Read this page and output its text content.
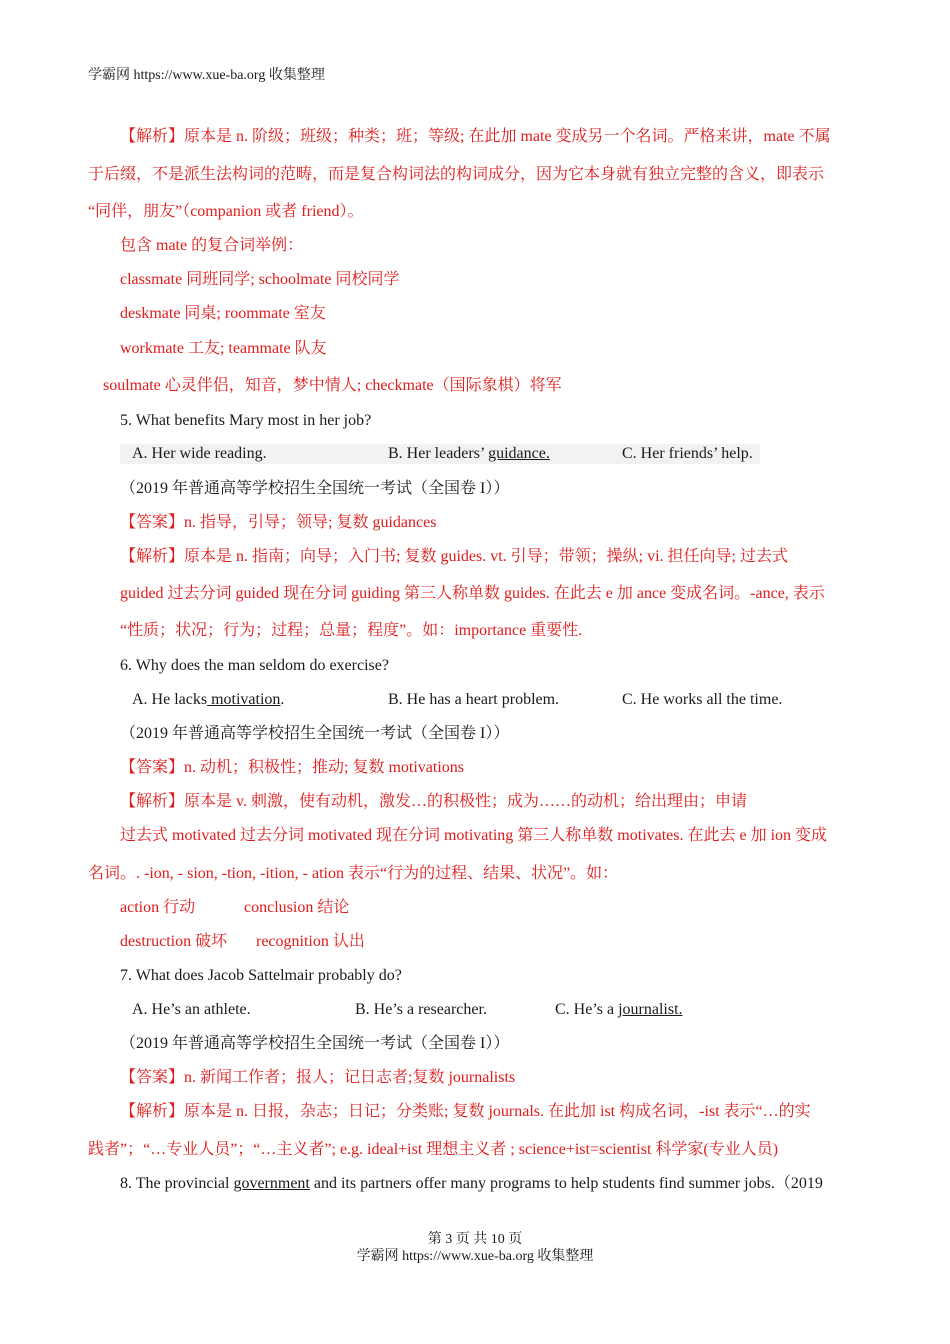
学霸网 https://www.xue-ba.org 收集整理
【解析】原本是 n. 阶级；班级；种类；班；等级; 在此加 mate 变成另一个名词。严格来讲，mate 不属
于后缀，不是派生法构词的范畴，而是复合构词法的构词成分，因为它本身就有独立完整的含义，即表示
“同伴，朋友”（companion 或者 friend）。
包含 mate 的复合词举例：
classmate 同班同学; schoolmate 同校同学
deskmate 同桌; roommate 室友
workmate 工友; teammate 队友
soulmate 心灵伴侣，知音，梦中情人; checkmate（国际象棋）将军
5. What benefits Mary most in her job?
A. Her wide reading.	B. Her leaders’ guidance.	C. Her friends’ help.
（2019 年普通高等学校招生全国统一考试（全国卷 I））
【答案】n. 指导，引导；领导; 复数 guidances
【解析】原本是 n. 指南；向导；入门书; 复数 guides. vt. 引导；带领；操纵; vi. 担任向导; 过去式
guided 过去分词 guided 现在分词 guiding 第三人称单数 guides. 在此去 e 加 ance 变成名词。-ance, 表示
“性质；状况；行为；过程；总量；程度”。如：importance 重要性.
6. Why does the man seldom do exercise?
A. He lacks motivation.	B. He has a heart problem.	C. He works all the time.
（2019 年普通高等学校招生全国统一考试（全国卷 I））
【答案】n. 动机；积极性；推动; 复数 motivations
【解析】原本是 v. 刺激，使有动机，激发…的积极性；成为……的动机；给出理由；申请
过去式 motivated 过去分词 motivated 现在分词 motivating 第三人称单数 motivates. 在此去 e 加 ion 变成
名词。. -ion, - sion, -tion, -ition, - ation 表示“行为的过程、结果、状况”。如：
action 行动	conclusion 结论
destruction 破坏 recognition 认出
7. What does Jacob Sattelmair probably do?
A. He’s an athlete.	B. He’s a researcher.	C. He’s a journalist.
（2019 年普通高等学校招生全国统一考试（全国卷 I））
【答案】n. 新闻工作者；报人；记日志者;复数 journalists
【解析】原本是 n. 日报，杂志；日记；分类账; 复数 journals. 在此加 ist 构成名词，-ist 表示“…的实
践者”；“…专业人员”；“…主义者”; e.g. ideal+ist 理想主义者 ; science+ist=scientist 科学家(专业人员)
8. The provincial government and its partners offer many programs to help students find summer jobs.（2019
第 3 页 共 10 页
学霸网 https://www.xue-ba.org 收集整理
